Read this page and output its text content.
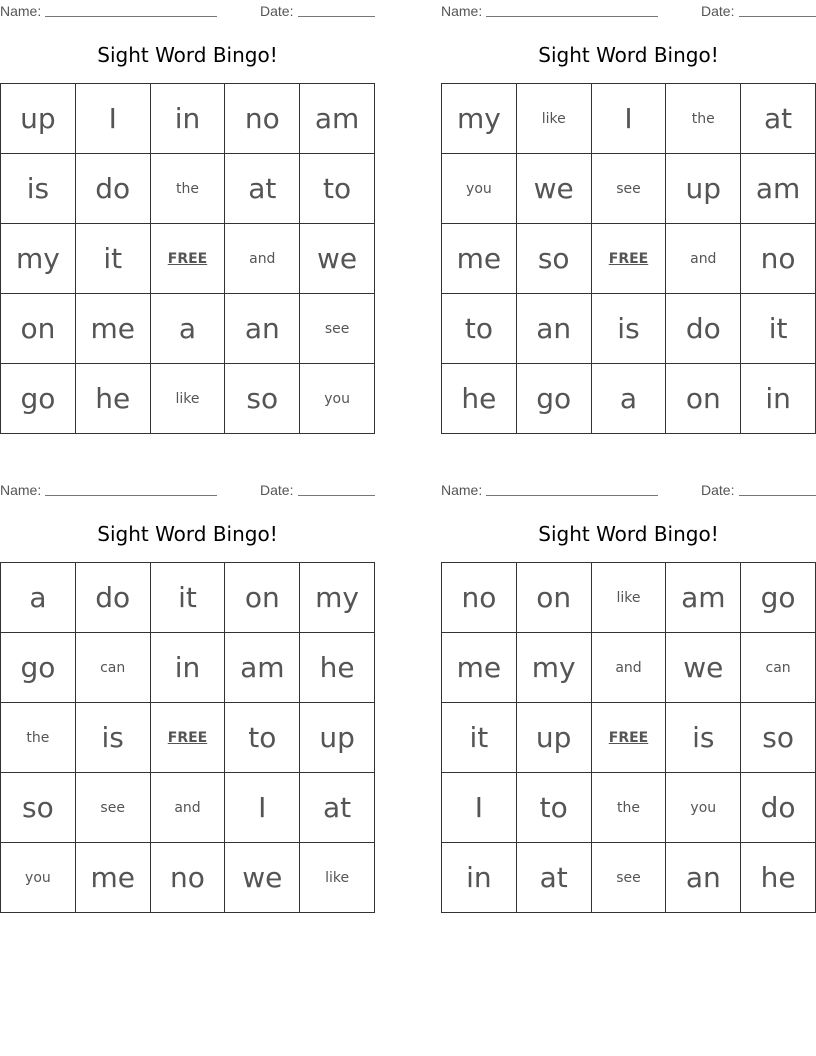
Name:	Date:
Sight Word Bingo!
up	I	in	no	am
is	do	the	at	to
my	it	FREE	and	we
on	me	a	an	see
go	he	like	so	you
Name:	Date:
Sight Word Bingo!
my	like	I	the	at
you	we	see	up	am
me	so	FREE	and	no
to	an	is	do	it
he	go	a	on	in
Name:	Date:
Sight Word Bingo!
a	do	it	on	my
go	can	in	am	he
the	is	FREE	to	up
so	see	and	I	at
you	me	no	we	like
Name:	Date:
Sight Word Bingo!
no	on	like	am	go
me	my	and	we	can
it	up	FREE	is	so
I	to	the	you	do
in	at	see	an	he
